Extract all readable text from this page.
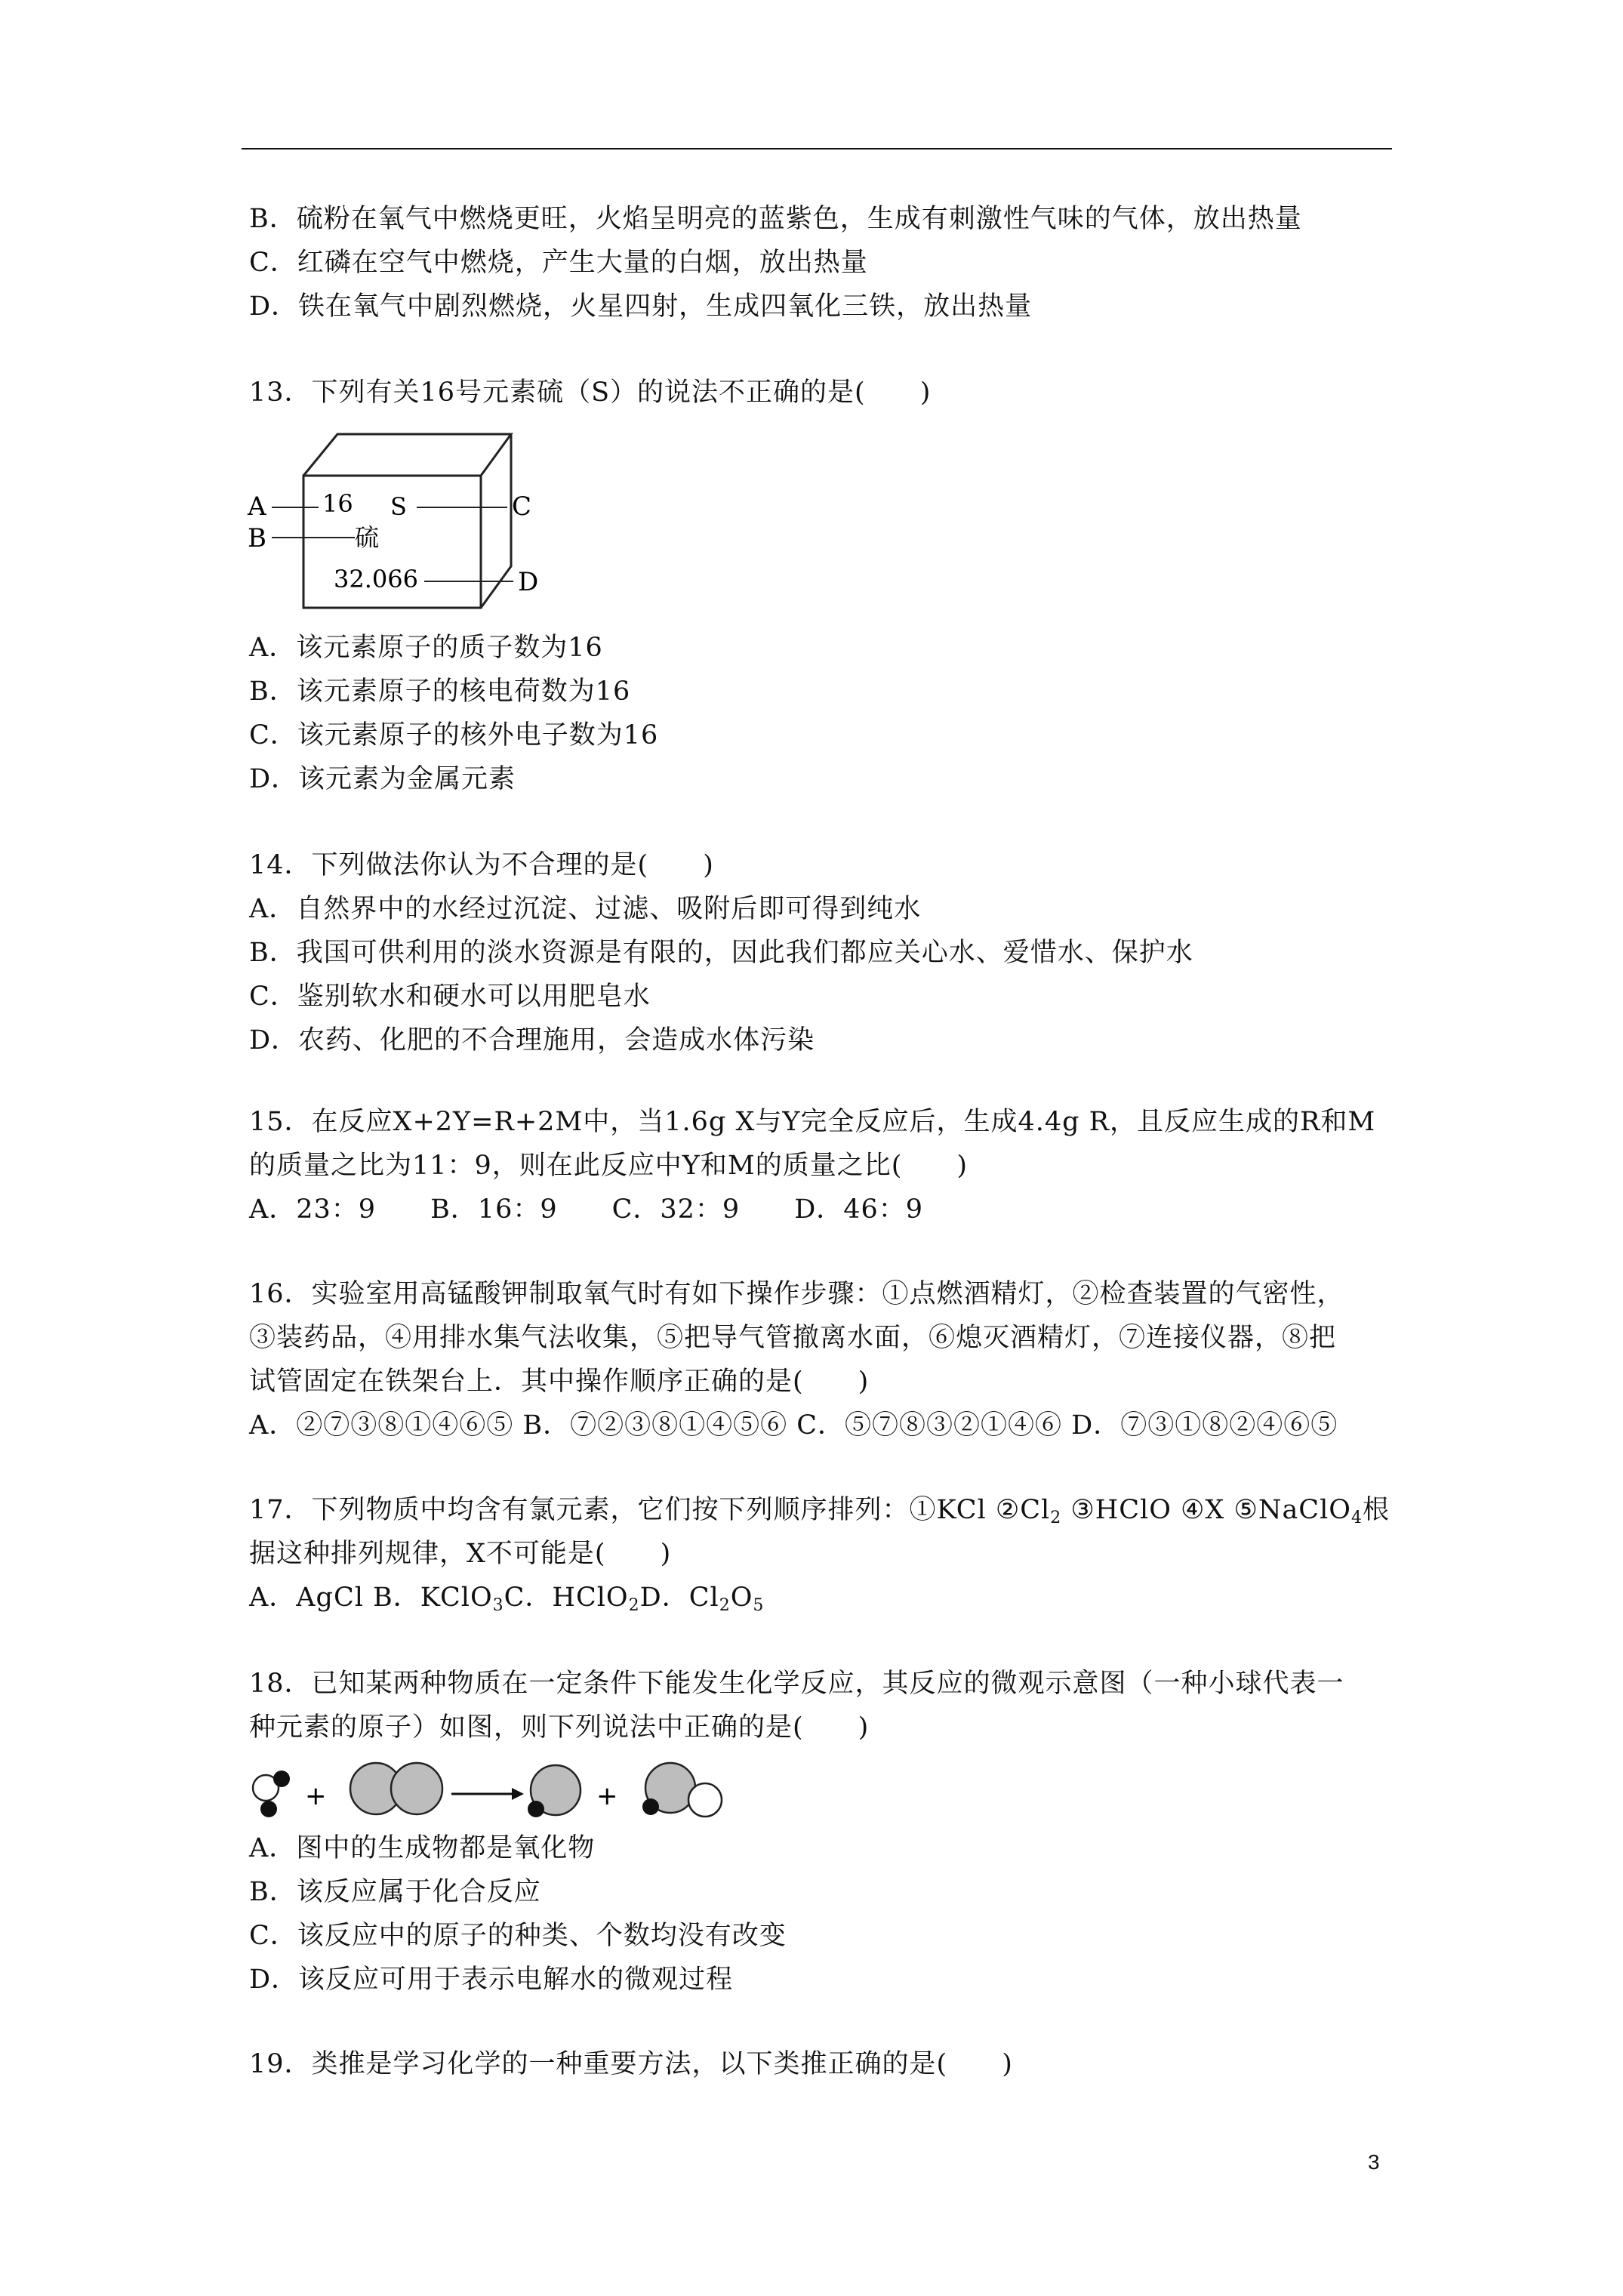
B．硫粉在氧气中燃烧更旺，火焰呈明亮的蓝紫色，生成有刺激性气味的气体，放出热量
C．红磷在空气中燃烧，产生大量的白烟，放出热量
D．铁在氧气中剧烈燃烧，火星四射，生成四氧化三铁，放出热量
13．下列有关16号元素硫（S）的说法不正确的是(　　)
16 S
硫
32.066
A
B
C
D
A．该元素原子的质子数为16
B．该元素原子的核电荷数为16
C．该元素原子的核外电子数为16
D．该元素为金属元素
14．下列做法你认为不合理的是(　　)
A．自然界中的水经过沉淀、过滤、吸附后即可得到纯水
B．我国可供利用的淡水资源是有限的，因此我们都应关心水、爱惜水、保护水
C．鉴别软水和硬水可以用肥皂水
D．农药、化肥的不合理施用，会造成水体污染
15．在反应X+2Y=R+2M中，当1.6g X与Y完全反应后，生成4.4g R，且反应生成的R和M
的质量之比为11：9，则在此反应中Y和M的质量之比(　　)
A．23：9　　B．16：9　　C．32：9　　D．46：9
16．实验室用高锰酸钾制取氧气时有如下操作步骤：①点燃酒精灯，②检查装置的气密性，
③装药品，④用排水集气法收集，⑤把导气管撤离水面，⑥熄灭酒精灯，⑦连接仪器，⑧把
试管固定在铁架台上．其中操作顺序正确的是(　　)
A．②⑦③⑧①④⑥⑤ B．⑦②③⑧①④⑤⑥ C．⑤⑦⑧③②①④⑥ D．⑦③①⑧②④⑥⑤
17．下列物质中均含有氯元素，它们按下列顺序排列：①KCl $②Cl_2$ ③HClO ④X ⑤NaClO$_4$根
据这种排列规律，X不可能是(　　)
A．AgCl B．KClO$_3$C．HClO$_2$D．$Cl_2O_5$
18．已知某两种物质在一定条件下能发生化学反应，其反应的微观示意图（一种小球代表一
种元素的原子）如图，则下列说法中正确的是(　　)
+	+
A．图中的生成物都是氧化物
B．该反应属于化合反应
C．该反应中的原子的种类、个数均没有改变
D．该反应可用于表示电解水的微观过程
19．类推是学习化学的一种重要方法，以下类推正确的是(　　)
3
